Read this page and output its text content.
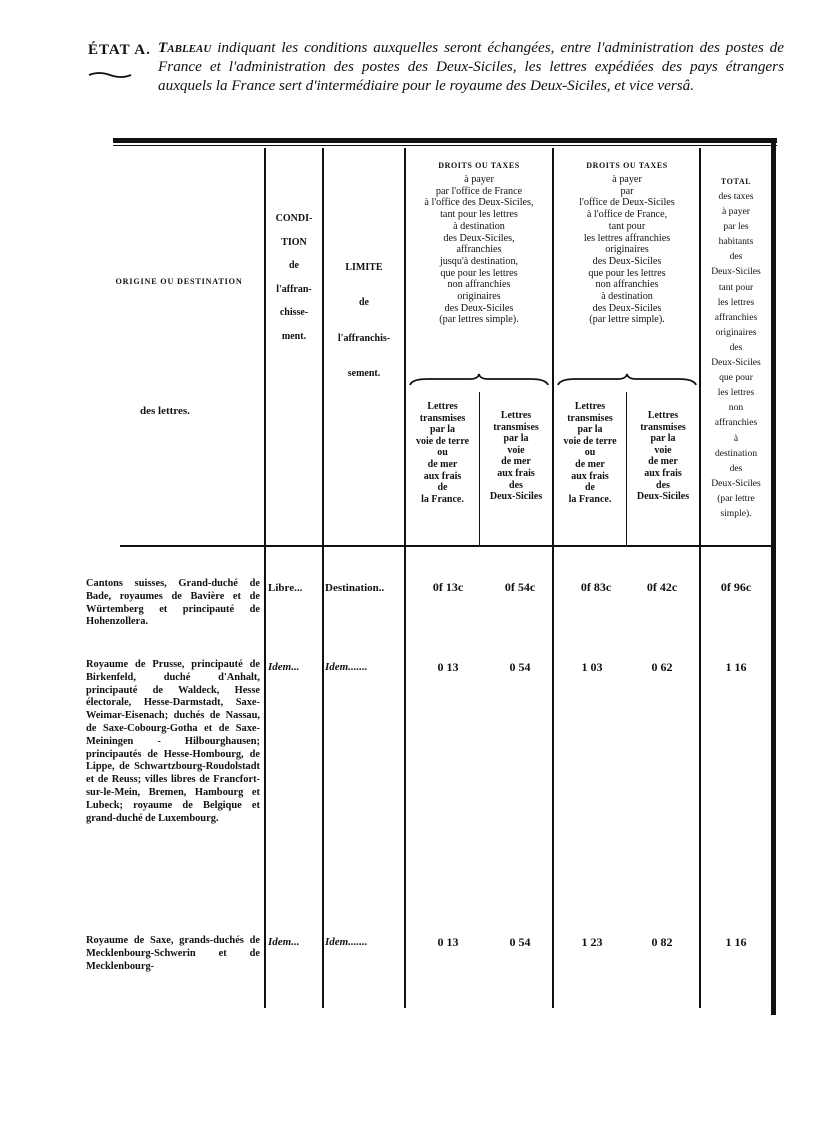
ÉTAT A. Tableau indiquant les conditions auxquelles seront échangées, entre l'administration des postes de France et l'administration des postes des Deux-Siciles, les lettres expédiées des pays étrangers auxquels la France sert d'intermédiaire pour le royaume des Deux-Siciles, et vice versâ.
ORIGINE OU DESTINATION
des lettres.
CONDI-

TION

de

l'affran-

chisse-

ment.
LIMITE

de

l'affranchis-

sement.
DROITS OU TAXES
à payer
par l'office de France
à l'office des Deux-Siciles,
tant pour les lettres
à destination
des Deux-Siciles,
affranchies
jusqu'à destination,
que pour les lettres
non affranchies
originaires
des Deux-Siciles
(par lettres simple).
DROITS OU TAXES
à payer
par
l'office de Deux-Siciles
à l'office de France,
tant pour
les lettres affranchies
originaires
des Deux-Siciles
que pour les lettres
non affranchies
à destination
des Deux-Siciles
(par lettre simple).
Lettres
transmises
par la
voie de terre
ou
de mer
aux frais
de
la France.
Lettres
transmises
par la
voie
de mer
aux frais
des
Deux-Siciles
Lettres
transmises
par la
voie de terre
ou
de mer
aux frais
de
la France.
Lettres
transmises
par la
voie
de mer
aux frais
des
Deux-Siciles
TOTAL
des taxes
à payer
par les
habitants
des
Deux-Siciles
tant pour
les lettres
affranchies
originaires
des
Deux-Siciles
que pour
les lettres
non
affranchies
à
destination
des
Deux-Siciles
(par lettre
simple).
Cantons suisses, Grand-duché de Bade, royaumes de Bavière et de Würtemberg et principauté de Hohenzollera.
Libre... Destination..	0f 13c	0f 54c	0f 83c	0f 42c	0f 96c
Royaume de Prusse, principauté de Birkenfeld, duché d'Anhalt, principauté de Waldeck, Hesse électorale, Hesse-Darmstadt, Saxe-Weimar-Eisenach; duchés de Nassau, de Saxe-Cobourg-Gotha et de Saxe-Meiningen - Hilbourghausen; principautés de Hesse-Hombourg, de Lippe, de Schwartzbourg-Roudolstadt et de Reuss; villes libres de Francfort-sur-le-Mein, Bremen, Hambourg et Lubeck; royaume de Belgique et grand-duché de Luxembourg.
Idem... Idem.......	0 13	0 54	1 03	0 62	1 16
Royaume de Saxe, grands-duchés de Mecklenbourg-Schwerin et de Mecklenbourg-
Idem... Idem.......	0 13	0 54	1 23	0 82	1 16
